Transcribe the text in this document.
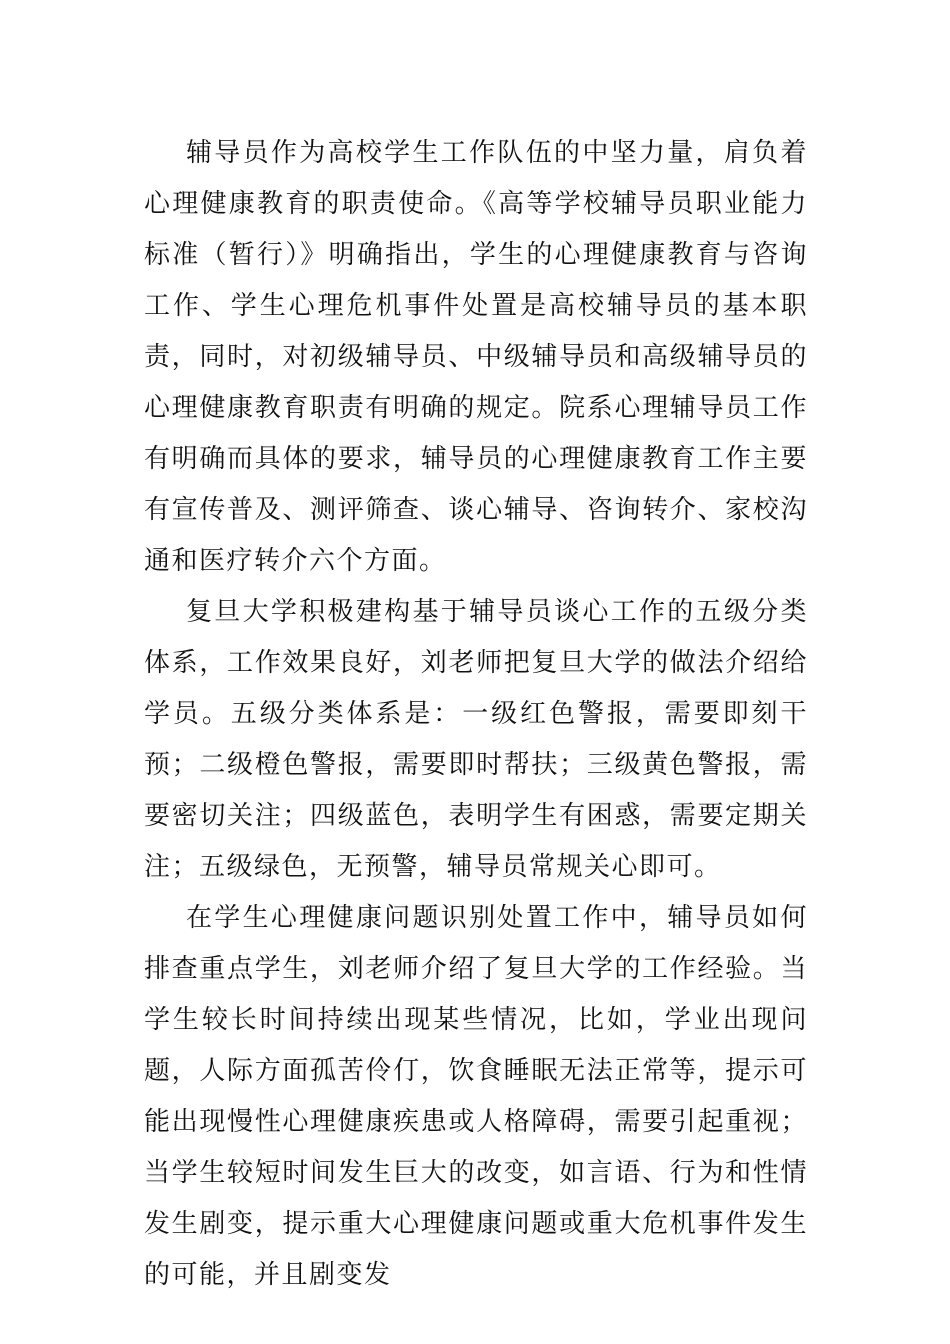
辅导员作为高校学生工作队伍的中坚力量，肩负着心理健康教育的职责使命。《高等学校辅导员职业能力标准（暂行）》明确指出，学生的心理健康教育与咨询工作、学生心理危机事件处置是高校辅导员的基本职责，同时，对初级辅导员、中级辅导员和高级辅导员的心理健康教育职责有明确的规定。院系心理辅导员工作有明确而具体的要求，辅导员的心理健康教育工作主要有宣传普及、测评筛查、谈心辅导、咨询转介、家校沟通和医疗转介六个方面。

复旦大学积极建构基于辅导员谈心工作的五级分类体系，工作效果良好，刘老师把复旦大学的做法介绍给学员。五级分类体系是：一级红色警报，需要即刻干预；二级橙色警报，需要即时帮扶；三级黄色警报，需要密切关注；四级蓝色，表明学生有困惑，需要定期关注；五级绿色，无预警，辅导员常规关心即可。

在学生心理健康问题识别处置工作中，辅导员如何排查重点学生，刘老师介绍了复旦大学的工作经验。当学生较长时间持续出现某些情况，比如，学业出现问题，人际方面孤苦伶仃，饮食睡眠无法正常等，提示可能出现慢性心理健康疾患或人格障碍，需要引起重视；当学生较短时间发生巨大的改变，如言语、行为和性情发生剧变，提示重大心理健康问题或重大危机事件发生的可能，并且剧变发
